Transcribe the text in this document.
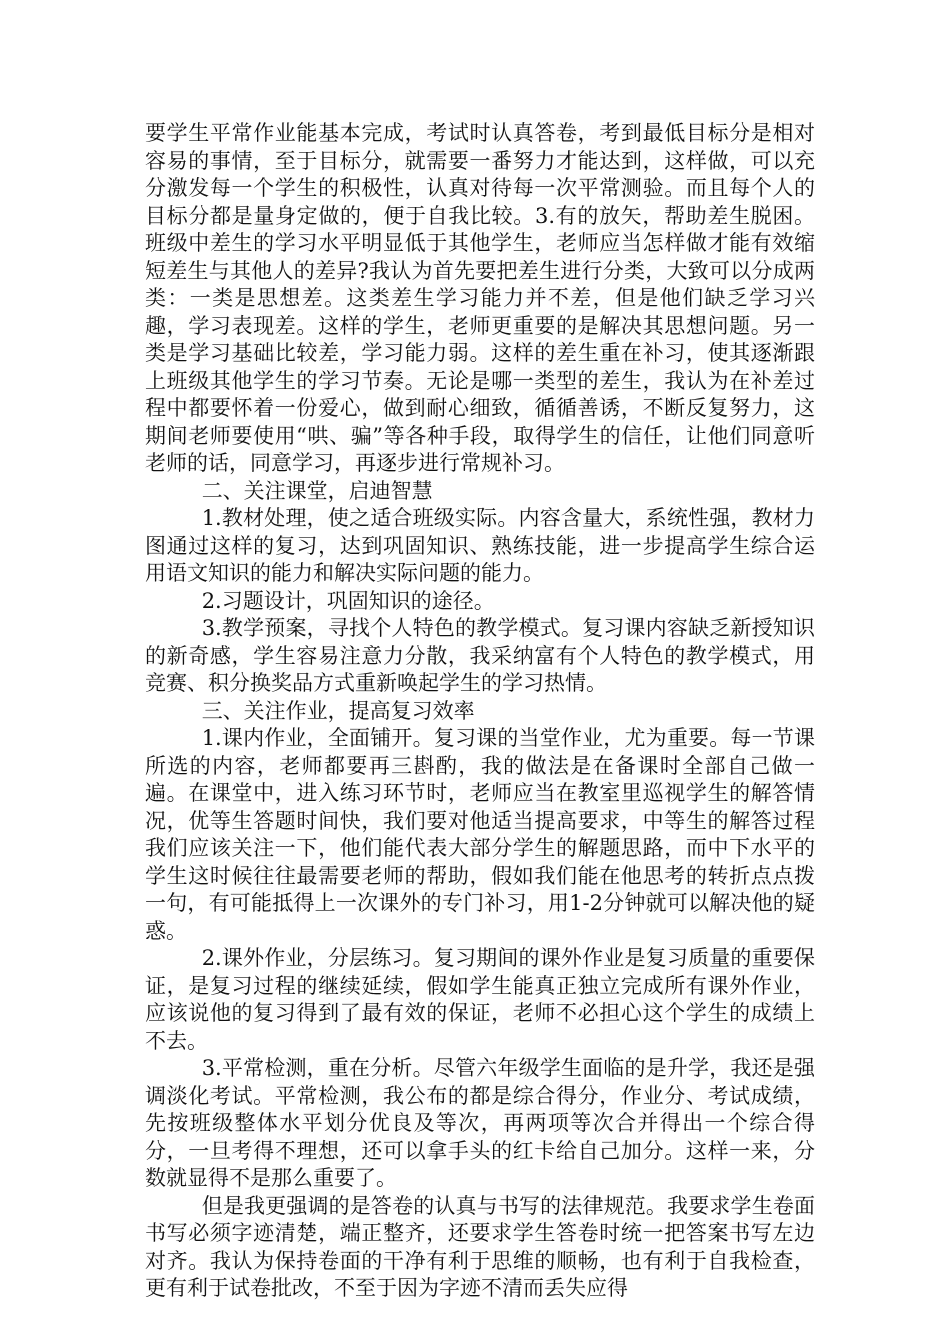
要学生平常作业能基本完成，考试时认真答卷，考到最低目标分是相对容易的事情，至于目标分，就需要一番努力才能达到，这样做，可以充分激发每一个学生的积极性，认真对待每一次平常测验。而且每个人的目标分都是量身定做的，便于自我比较。3.有的放矢，帮助差生脱困。班级中差生的学习水平明显低于其他学生，老师应当怎样做才能有效缩短差生与其他人的差异?我认为首先要把差生进行分类，大致可以分成两类：一类是思想差。这类差生学习能力并不差，但是他们缺乏学习兴趣，学习表现差。这样的学生，老师更重要的是解决其思想问题。另一类是学习基础比较差，学习能力弱。这样的差生重在补习，使其逐渐跟上班级其他学生的学习节奏。无论是哪一类型的差生，我认为在补差过程中都要怀着一份爱心，做到耐心细致，循循善诱，不断反复努力，这期间老师要使用“哄、骗”等各种手段，取得学生的信任，让他们同意听老师的话，同意学习，再逐步进行常规补习。

二、关注课堂，启迪智慧

1.教材处理，使之适合班级实际。内容含量大，系统性强，教材力图通过这样的复习，达到巩固知识、熟练技能，进一步提高学生综合运用语文知识的能力和解决实际问题的能力。

2.习题设计，巩固知识的途径。

3.教学预案，寻找个人特色的教学模式。复习课内容缺乏新授知识的新奇感，学生容易注意力分散，我采纳富有个人特色的教学模式，用竞赛、积分换奖品方式重新唤起学生的学习热情。

三、关注作业，提高复习效率

1.课内作业，全面铺开。复习课的当堂作业，尤为重要。每一节课所选的内容，老师都要再三斟酌，我的做法是在备课时全部自己做一遍。在课堂中，进入练习环节时，老师应当在教室里巡视学生的解答情况，优等生答题时间快，我们要对他适当提高要求，中等生的解答过程我们应该关注一下，他们能代表大部分学生的解题思路，而中下水平的学生这时候往往最需要老师的帮助，假如我们能在他思考的转折点点拨一句，有可能抵得上一次课外的专门补习，用1-2分钟就可以解决他的疑惑。

2.课外作业，分层练习。复习期间的课外作业是复习质量的重要保证，是复习过程的继续延续，假如学生能真正独立完成所有课外作业，应该说他的复习得到了最有效的保证，老师不必担心这个学生的成绩上不去。

3.平常检测，重在分析。尽管六年级学生面临的是升学，我还是强调淡化考试。平常检测，我公布的都是综合得分，作业分、考试成绩，先按班级整体水平划分优良及等次，再两项等次合并得出一个综合得分，一旦考得不理想，还可以拿手头的红卡给自己加分。这样一来，分数就显得不是那么重要了。

但是我更强调的是答卷的认真与书写的法律规范。我要求学生卷面书写必须字迹清楚，端正整齐，还要求学生答卷时统一把答案书写左边对齐。我认为保持卷面的干净有利于思维的顺畅，也有利于自我检查，更有利于试卷批改，不至于因为字迹不清而丢失应得
